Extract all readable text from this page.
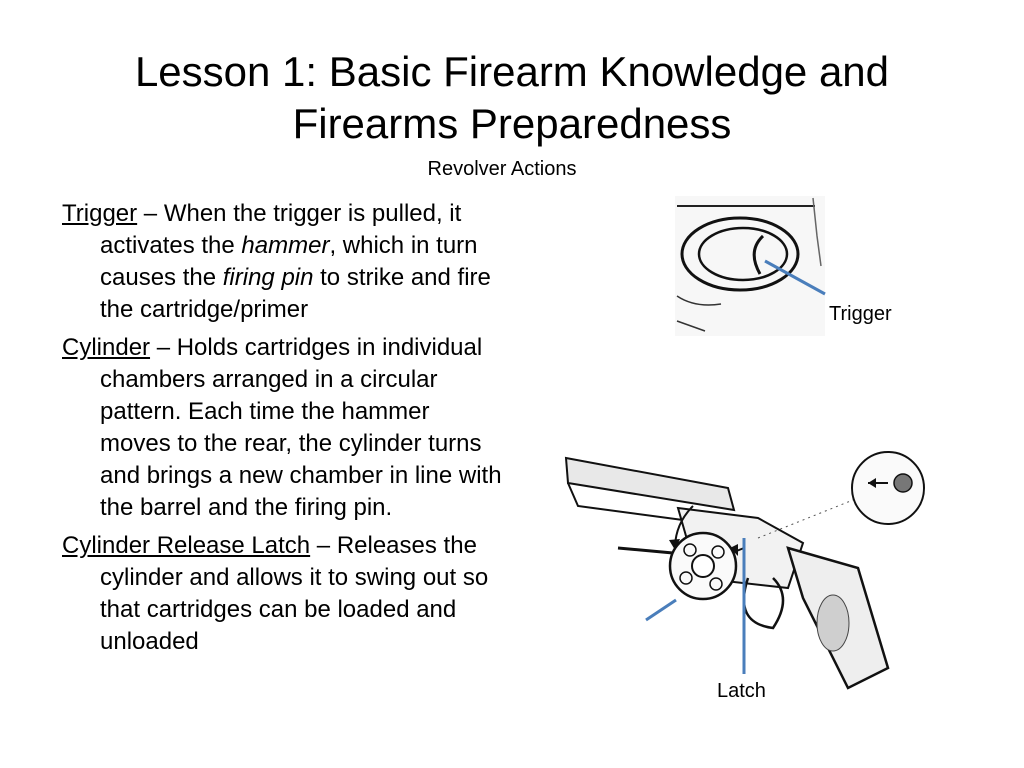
Lesson 1: Basic Firearm Knowledge and Firearms Preparedness

Revolver Actions

Trigger – When the trigger is pulled, it activates the hammer, which in turn causes the firing pin to strike and fire the cartridge/primer

Cylinder – Holds cartridges in individual chambers arranged in a circular pattern. Each time the hammer moves to the rear, the cylinder turns and brings a new chamber in line with the barrel and the firing pin.

Cylinder Release Latch – Releases the cylinder and allows it to swing out so that cartridges can be loaded and unloaded

Trigger
Latch
